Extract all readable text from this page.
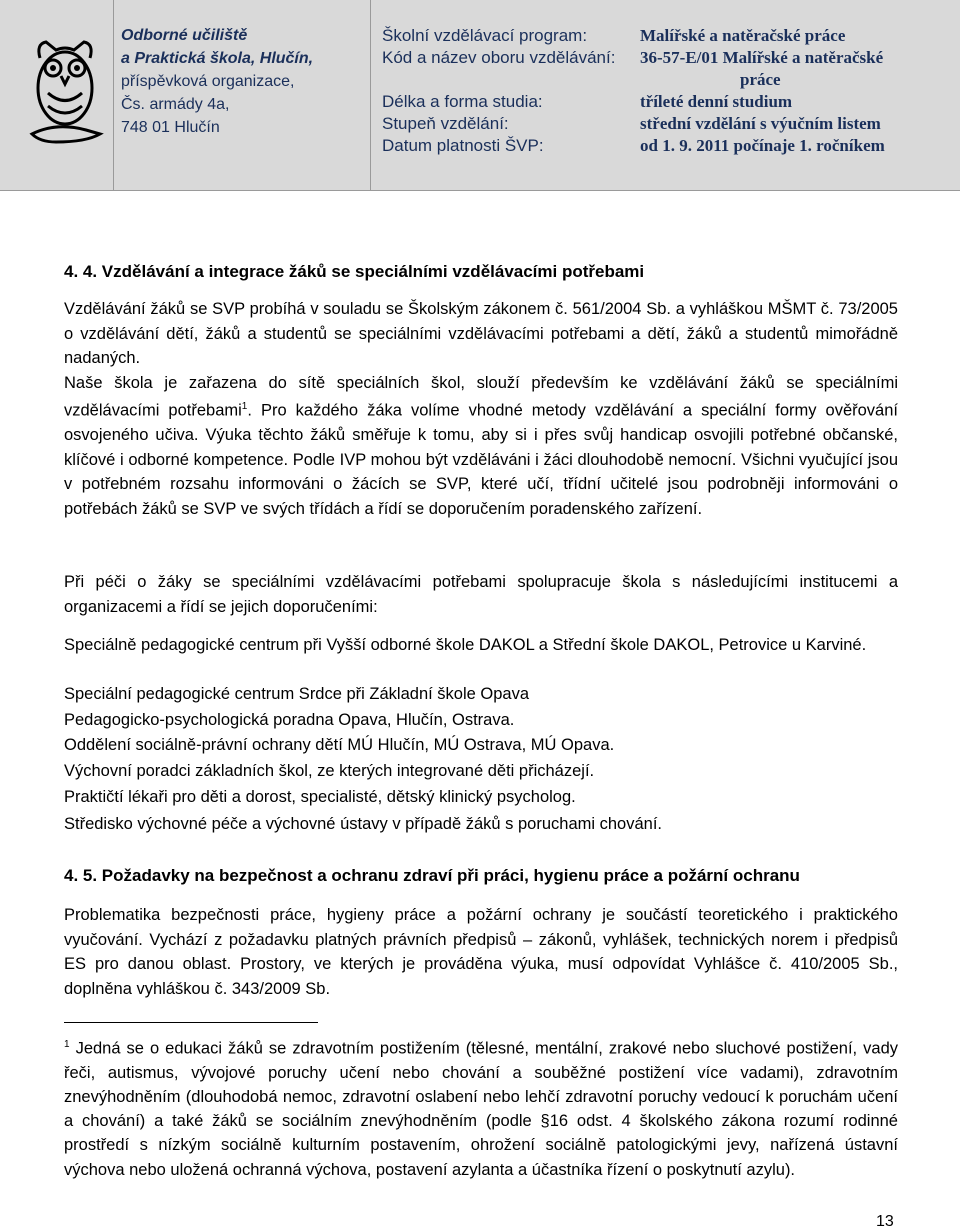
Odborné učiliště
a Praktická škola, Hlučín,
příspěvková organizace,
Čs. armády 4a,
748 01 Hlučín
Školní vzdělávací program:	Malířské a natěračské práce
Kód a název oboru vzdělávání: 36-57-E/01 Malířské a natěračské
práce
Délka a forma studia:	tříleté denní studium
Stupeň vzdělání:	střední vzdělání s výučním listem
Datum platnosti ŠVP:	od 1. 9. 2011 počínaje 1. ročníkem
4. 4. Vzdělávání a integrace žáků se speciálními vzdělávacími potřebami
Vzdělávání žáků se SVP probíhá v souladu se Školským zákonem č. 561/2004 Sb. a vyhláškou MŠMT č. 73/2005 o vzdělávání dětí, žáků a studentů se speciálními vzdělávacími potřebami a dětí, žáků a studentů mimořádně nadaných.
Naše škola je zařazena do sítě speciálních škol, slouží především ke vzdělávání žáků se speciálními vzdělávacími potřebami$^1$. Pro každého žáka volíme vhodné metody vzdělávání a speciální formy ověřování osvojeného učiva. Výuka těchto žáků směřuje k tomu, aby si i přes svůj handicap osvojili potřebné občanské, klíčové i odborné kompetence. Podle IVP mohou být vzděláváni i žáci dlouhodobě nemocní. Všichni vyučující jsou v potřebném rozsahu informováni o žácích se SVP, které učí, třídní učitelé jsou podrobněji informováni o potřebách žáků se SVP ve svých třídách a řídí se doporučením poradenského zařízení.
Při péči o žáky se speciálními vzdělávacími potřebami spolupracuje škola s následujícími institucemi a organizacemi a řídí se jejich doporučeními:
Speciálně pedagogické centrum při Vyšší odborné škole DAKOL a Střední škole DAKOL, Petrovice u Karviné.
Speciální pedagogické centrum Srdce při Základní škole Opava
Pedagogicko-psychologická poradna Opava, Hlučín, Ostrava.
Oddělení sociálně-právní ochrany dětí MÚ Hlučín, MÚ Ostrava, MÚ Opava.
Výchovní poradci základních škol, ze kterých integrované děti přicházejí.
Praktičtí lékaři pro děti a dorost, specialisté, dětský klinický psycholog.
Středisko výchovné péče a výchovné ústavy v případě žáků s poruchami chování.
4. 5. Požadavky na bezpečnost a ochranu zdraví při práci, hygienu práce a požární ochranu
Problematika bezpečnosti práce, hygieny práce a požární ochrany je součástí teoretického i praktického vyučování. Vychází z požadavku platných právních předpisů – zákonů, vyhlášek, technických norem i předpisů ES pro danou oblast. Prostory, ve kterých je prováděna výuka, musí odpovídat Vyhlášce č. 410/2005 Sb., doplněna vyhláškou č. 343/2009 Sb.
$^1$ Jedná se o edukaci žáků se zdravotním postižením (tělesné, mentální, zrakové nebo sluchové postižení, vady řeči, autismus, vývojové poruchy učení nebo chování a souběžné postižení více vadami), zdravotním znevýhodněním (dlouhodobá nemoc, zdravotní oslabení nebo lehčí zdravotní poruchy vedoucí k poruchám učení a chování) a také žáků se sociálním znevýhodněním (podle §16 odst. 4 školského zákona rozumí rodinné prostředí s nízkým sociálně kulturním postavením, ohrožení sociálně patologickými jevy, nařízená ústavní výchova nebo uložená ochranná výchova, postavení azylanta a účastníka řízení o poskytnutí azylu).
13
